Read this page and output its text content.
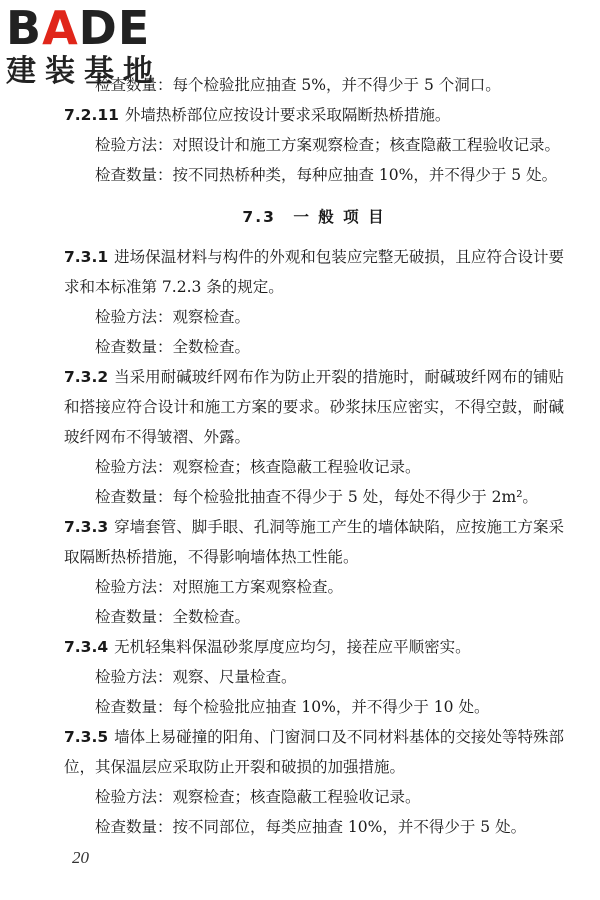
BADE
建装基地

检查数量：每个检验批应抽查 5%，并不得少于 5 个洞口。

7.2.11 外墙热桥部位应按设计要求采取隔断热桥措施。

检验方法：对照设计和施工方案观察检查；核查隐蔽工程验收记录。

检查数量：按不同热桥种类，每种应抽查 10%，并不得少于 5 处。

7.3　一 般 项 目

7.3.1 进场保温材料与构件的外观和包装应完整无破损，且应符合设计要求和本标准第 7.2.3 条的规定。

检验方法：观察检查。

检查数量：全数检查。

7.3.2 当采用耐碱玻纤网布作为防止开裂的措施时，耐碱玻纤网布的铺贴和搭接应符合设计和施工方案的要求。砂浆抹压应密实，不得空鼓，耐碱玻纤网布不得皱褶、外露。

检验方法：观察检查；核查隐蔽工程验收记录。

检查数量：每个检验批抽查不得少于 5 处，每处不得少于 2m²。

7.3.3 穿墙套管、脚手眼、孔洞等施工产生的墙体缺陷，应按施工方案采取隔断热桥措施，不得影响墙体热工性能。

检验方法：对照施工方案观察检查。

检查数量：全数检查。

7.3.4 无机轻集料保温砂浆厚度应均匀，接茬应平顺密实。

检验方法：观察、尺量检查。

检查数量：每个检验批应抽查 10%，并不得少于 10 处。

7.3.5 墙体上易碰撞的阳角、门窗洞口及不同材料基体的交接处等特殊部位，其保温层应采取防止开裂和破损的加强措施。

检验方法：观察检查；核查隐蔽工程验收记录。

检查数量：按不同部位，每类应抽查 10%，并不得少于 5 处。

20
